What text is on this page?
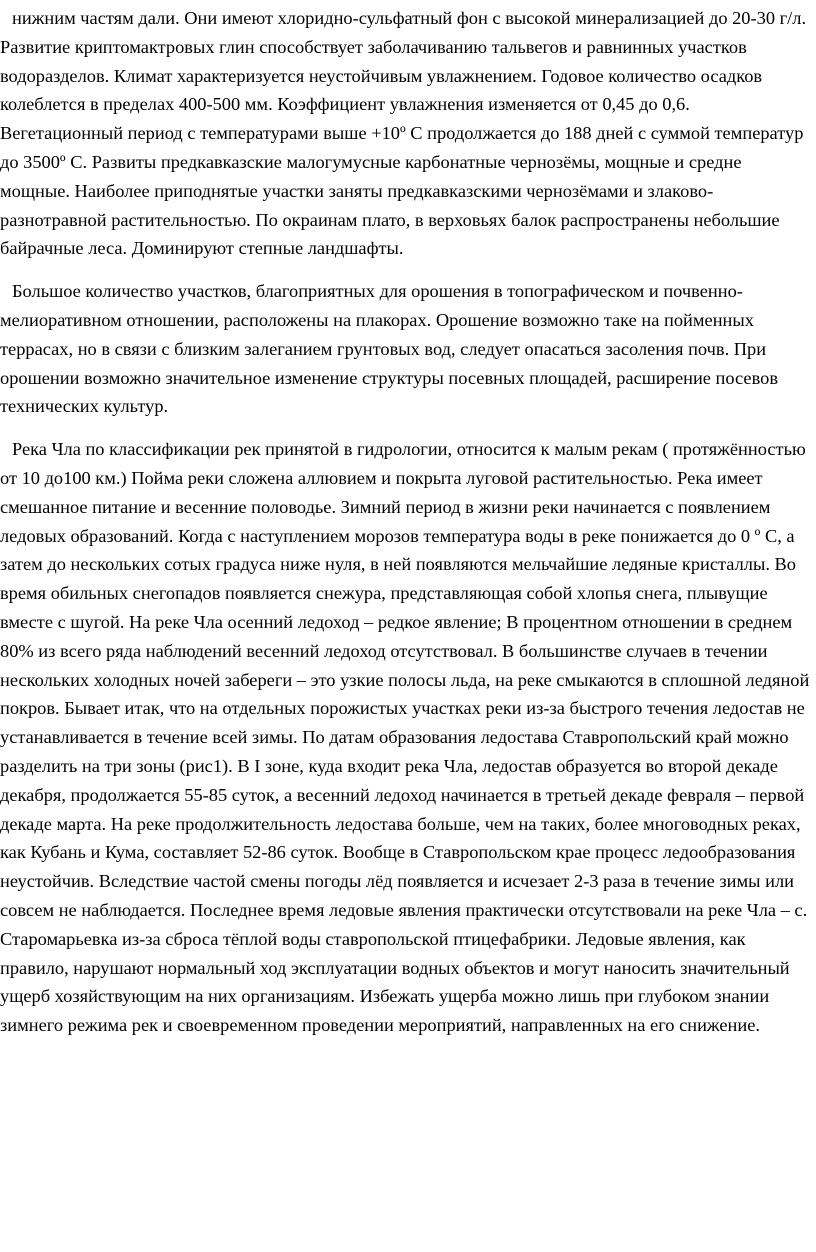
нижним частям дали. Они имеют хлоридно-сульфатный фон с высокой минерализацией до 20-30 г/л. Развитие криптомактровых глин способствует заболачиванию тальвегов и равнинных участков водоразделов. Климат характеризуется неустойчивым увлажнением. Годовое количество осадков колеблется в пределах 400-500 мм. Коэффициент увлажнения изменяется от 0,45 до 0,6. Вегетационный период с температурами выше +10º С продолжается до 188 дней с суммой температур до 3500º С. Развиты предкавказские малогумусные карбонатные чернозёмы, мощные и средне мощные. Наиболее приподнятые участки заняты предкавказскими чернозёмами и злаково-разнотравной растительностью. По окраинам плато, в верховьях балок распространены небольшие байрачные леса. Доминируют степные ландшафты.

Большое количество участков, благоприятных для орошения в топографическом и почвенно-мелиоративном отношении, расположены на плакорах. Орошение возможно таке на пойменных террасах, но в связи с близким залеганием грунтовых вод, следует опасаться засоления почв. При орошении возможно значительное изменение структуры посевных площадей, расширение посевов технических культур.

Река Чла по классификации рек принятой в гидрологии, относится к малым рекам ( протяжённостью от 10 до100 км.) Пойма реки сложена аллювием и покрыта луговой растительностью. Река имеет смешанное питание и весенние половодье. Зимний период в жизни реки начинается с появлением ледовых образований. Когда с наступлением морозов температура воды в реке понижается до 0 º С, а затем до нескольких сотых градуса ниже нуля, в ней появляются мельчайшие ледяные кристаллы. Во время обильных снегопадов появляется снежура, представляющая собой хлопья снега, плывущие вместе с шугой. На реке Чла осенний ледоход – редкое явление; В процентном отношении в среднем 80% из всего ряда наблюдений весенний ледоход отсутствовал. В большинстве случаев в течении нескольких холодных ночей забереги – это узкие полосы льда, на реке смыкаются в сплошной ледяной покров. Бывает итак, что на отдельных порожистых участках реки из-за быстрого течения ледостав не устанавливается в течение всей зимы. По датам образования ледостава Ставропольский край можно разделить на три зоны (рис1). В I зоне, куда входит река Чла, ледостав образуется во второй декаде декабря, продолжается 55-85 суток, а весенний ледоход начинается в третьей декаде февраля – первой декаде марта. На реке продолжительность ледостава больше, чем на таких, более многоводных реках, как Кубань и Кума, составляет 52-86 суток. Вообще в Ставропольском крае процесс ледообразования неустойчив. Вследствие частой смены погоды лёд появляется и исчезает 2-3 раза в течение зимы или совсем не наблюдается. Последнее время ледовые явления практически отсутствовали на реке Чла – с. Старомарьевка из-за сброса тёплой воды ставропольской птицефабрики. Ледовые явления, как правило, нарушают нормальный ход эксплуатации водных объектов и могут наносить значительный ущерб хозяйствующим на них организациям. Избежать ущерба можно лишь при глубоком знании зимнего режима рек и своевременном проведении мероприятий, направленных на его снижение.
